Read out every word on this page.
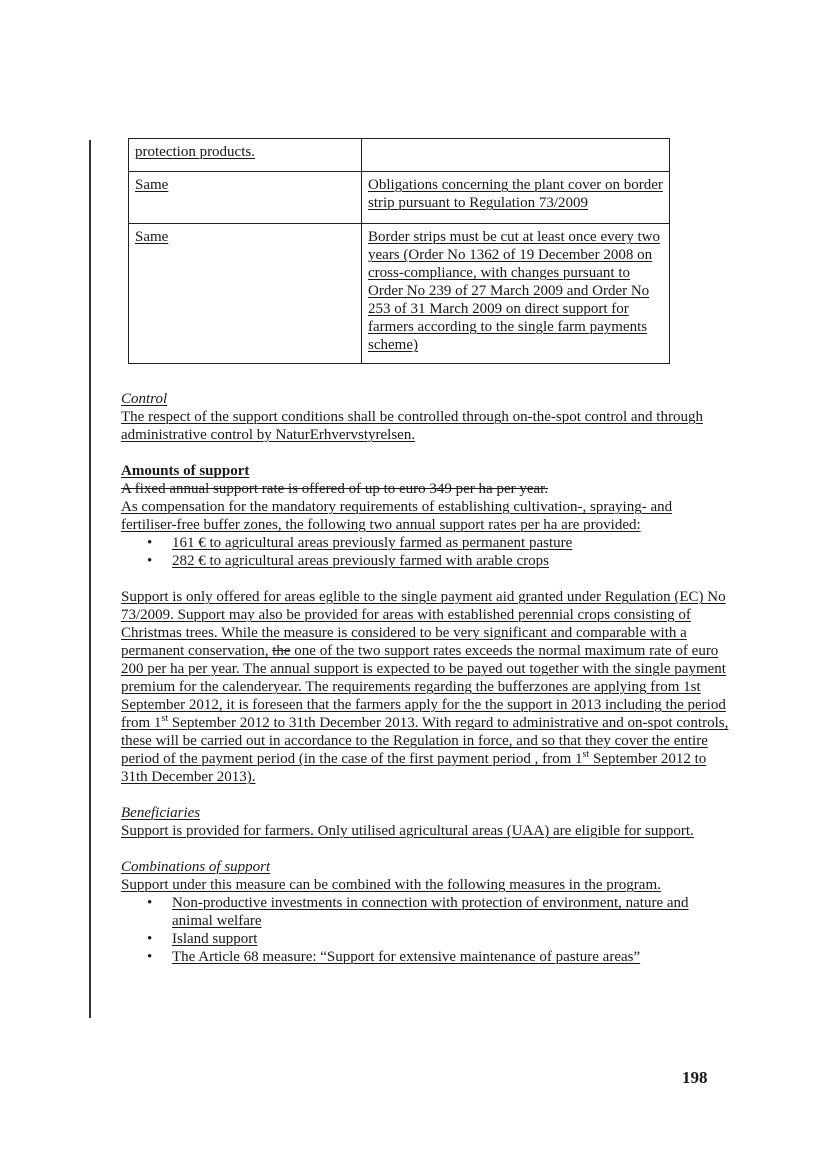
protection products.	
Same	Obligations concerning the plant cover on border strip pursuant to Regulation 73/2009
Same	Border strips must be cut at least once every two years (Order No 1362 of 19 December 2008 on cross-compliance, with changes pursuant to Order No 239 of 27 March 2009 and Order No 253 of 31 March 2009 on direct support for farmers according to the single farm payments scheme)

Control

The respect of the support conditions shall be controlled through on-the-spot control and through administrative control by NaturErhvervstyrelsen.

Amounts of support

A fixed annual support rate is offered of up to euro 349 per ha per year.

As compensation for the mandatory requirements of establishing cultivation-, spraying- and fertiliser-free buffer zones, the following two annual support rates per ha are provided:

• 161 € to agricultural areas previously farmed as permanent pasture
• 282 € to agricultural areas previously farmed with arable crops

Support is only offered for areas eglible to the single payment aid granted under Regulation (EC) No 73/2009. Support may also be provided for areas with established perennial crops consisting of Christmas trees. While the measure is considered to be very significant and comparable with a permanent conservation, the one of the two support rates exceeds the normal maximum rate of euro 200 per ha per year. The annual support is expected to be payed out together with the single payment premium for the calenderyear. The requirements regarding the bufferzones are applying from 1st September 2012, it is foreseen that the farmers apply for the the support in 2013 including the period from 1st September 2012 to 31th December 2013. With regard to administrative and on-spot controls, these will be carried out in accordance to the Regulation in force, and so that they cover the entire period of the payment period (in the case of the first payment period , from 1st September 2012 to 31th December 2013).

Beneficiaries

Support is provided for farmers. Only utilised agricultural areas (UAA) are eligible for support.

Combinations of support

Support under this measure can be combined with the following measures in the program.

• Non-productive investments in connection with protection of environment, nature and animal welfare
• Island support
• The Article 68 measure: “Support for extensive maintenance of pasture areas”
198
